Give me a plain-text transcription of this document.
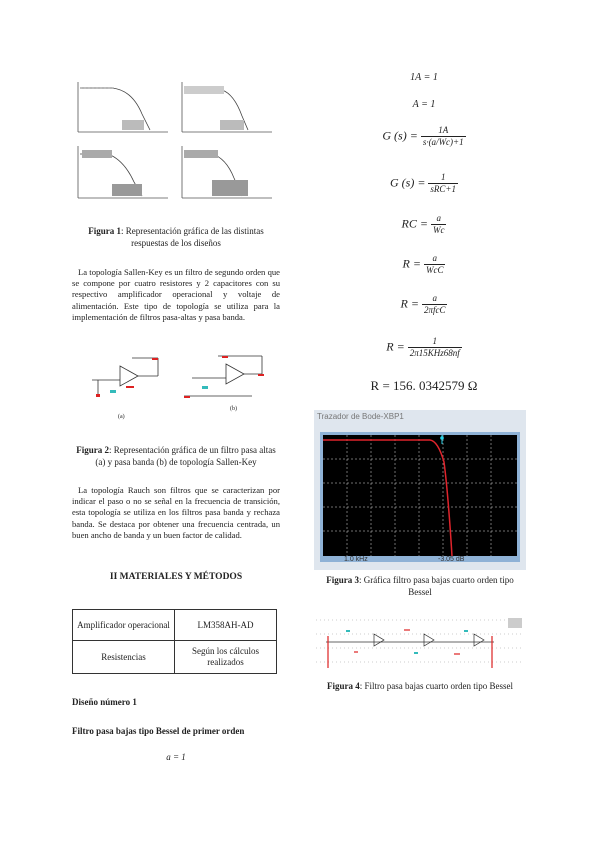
Figura 1: Representación gráfica de las distintas respuestas de los diseños
La topología Sallen-Key es un filtro de segundo orden que se compone por cuatro resistores y 2 capacitores con su respectivo amplificador operacional y voltaje de alimentación. Este tipo de topología se utiliza para la implementación de filtros pasa-altas y pasa banda.
(a)
(b)
Figura 2: Representación gráfica de un filtro pasa altas (a) y pasa banda (b) de topología Sallen-Key
La topología Rauch son filtros que se caracterizan por indicar el paso o no se señal en la frecuencia de transición, esta topología se utiliza en los filtros pasa banda y rechaza banda. Se destaca por obtener una frecuencia centrada, un buen ancho de banda y un buen factor de calidad.
II MATERIALES Y MÉTODOS
Amplificador operacional	LM358AH-AD
Resistencias	Según los cálculos realizados
Diseño número 1
Filtro pasa bajas tipo Bessel de primer orden
a = 1
1A = 1
A = 1
G $(s) = \frac{1A}{s\cdot(a/Wc)+1}$
G $(s) = \frac{1}{\text{sRC+1}}$
RC = $\frac{a}{Wc}$
$R = \frac{a}{\text{WcC}}$
$R = \frac{a}{\text{2πfcC}}$
$R = \frac{1}{\text{2π15KHz68nf}}$
R = 156. 0342579 Ω
Trazador de Bode-XBP1
1.0 kHz	-3.05 dB
Figura 3: Gráfica filtro pasa bajas cuarto orden tipo Bessel
Figura 4: Filtro pasa bajas cuarto orden tipo Bessel
